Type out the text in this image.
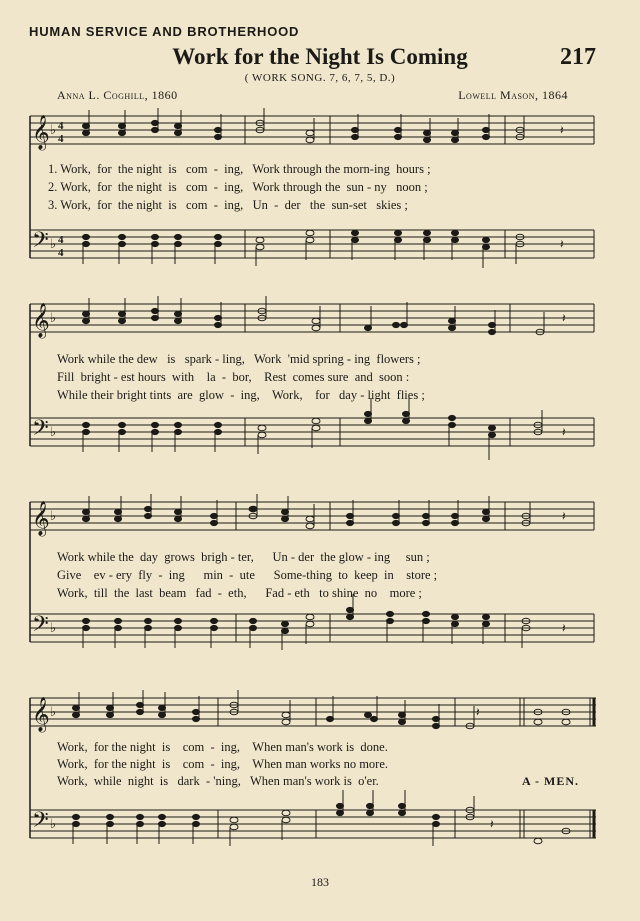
HUMAN SERVICE AND BROTHERHOOD
Work for the Night Is Coming	217
( WORK SONG. 7, 6, 7, 5, D.)
Anna L. Coghill, 1860	Lowell Mason, 1864
𝄞
𝄢
♭
♭
4
4
4
4
𝄽
𝄽
1. Work,  for  the night  is   com  -  ing,   Work through the morn-ing  hours ;
2. Work,  for  the night  is   com  -  ing,   Work through the  sun - ny   noon ;
3. Work,  for  the night  is   com  -  ing,   Un  -  der   the  sun-set   skies ;
𝄞
𝄢
♭
♭
𝄽
𝄽
Work while the dew   is   spark - ling,   Work  'mid spring - ing  flowers ;
Fill  bright - est hours  with    la  -  bor,    Rest  comes sure  and  soon :
While their bright tints  are  glow  -  ing,    Work,    for   day - light  flies ;
𝄞
𝄢
♭
♭
𝄽
𝄽
Work while the  day  grows  brigh - ter,      Un - der  the glow - ing     sun ;
Give    ev - ery  fly  -  ing      min  -  ute      Some-thing  to  keep  in    store ;
Work,  till  the  last  beam   fad  -  eth,      Fad - eth   to shine  no    more ;
𝄞
𝄢
♭
♭
𝄽
𝄽
Work,  for the night  is    com  -  ing,    When man's work is  done.
Work,  for the night  is    com  -  ing,    When man works no more.
Work,  while  night  is   dark  - 'ning,   When man's work is  o'er.	A - MEN.
183
